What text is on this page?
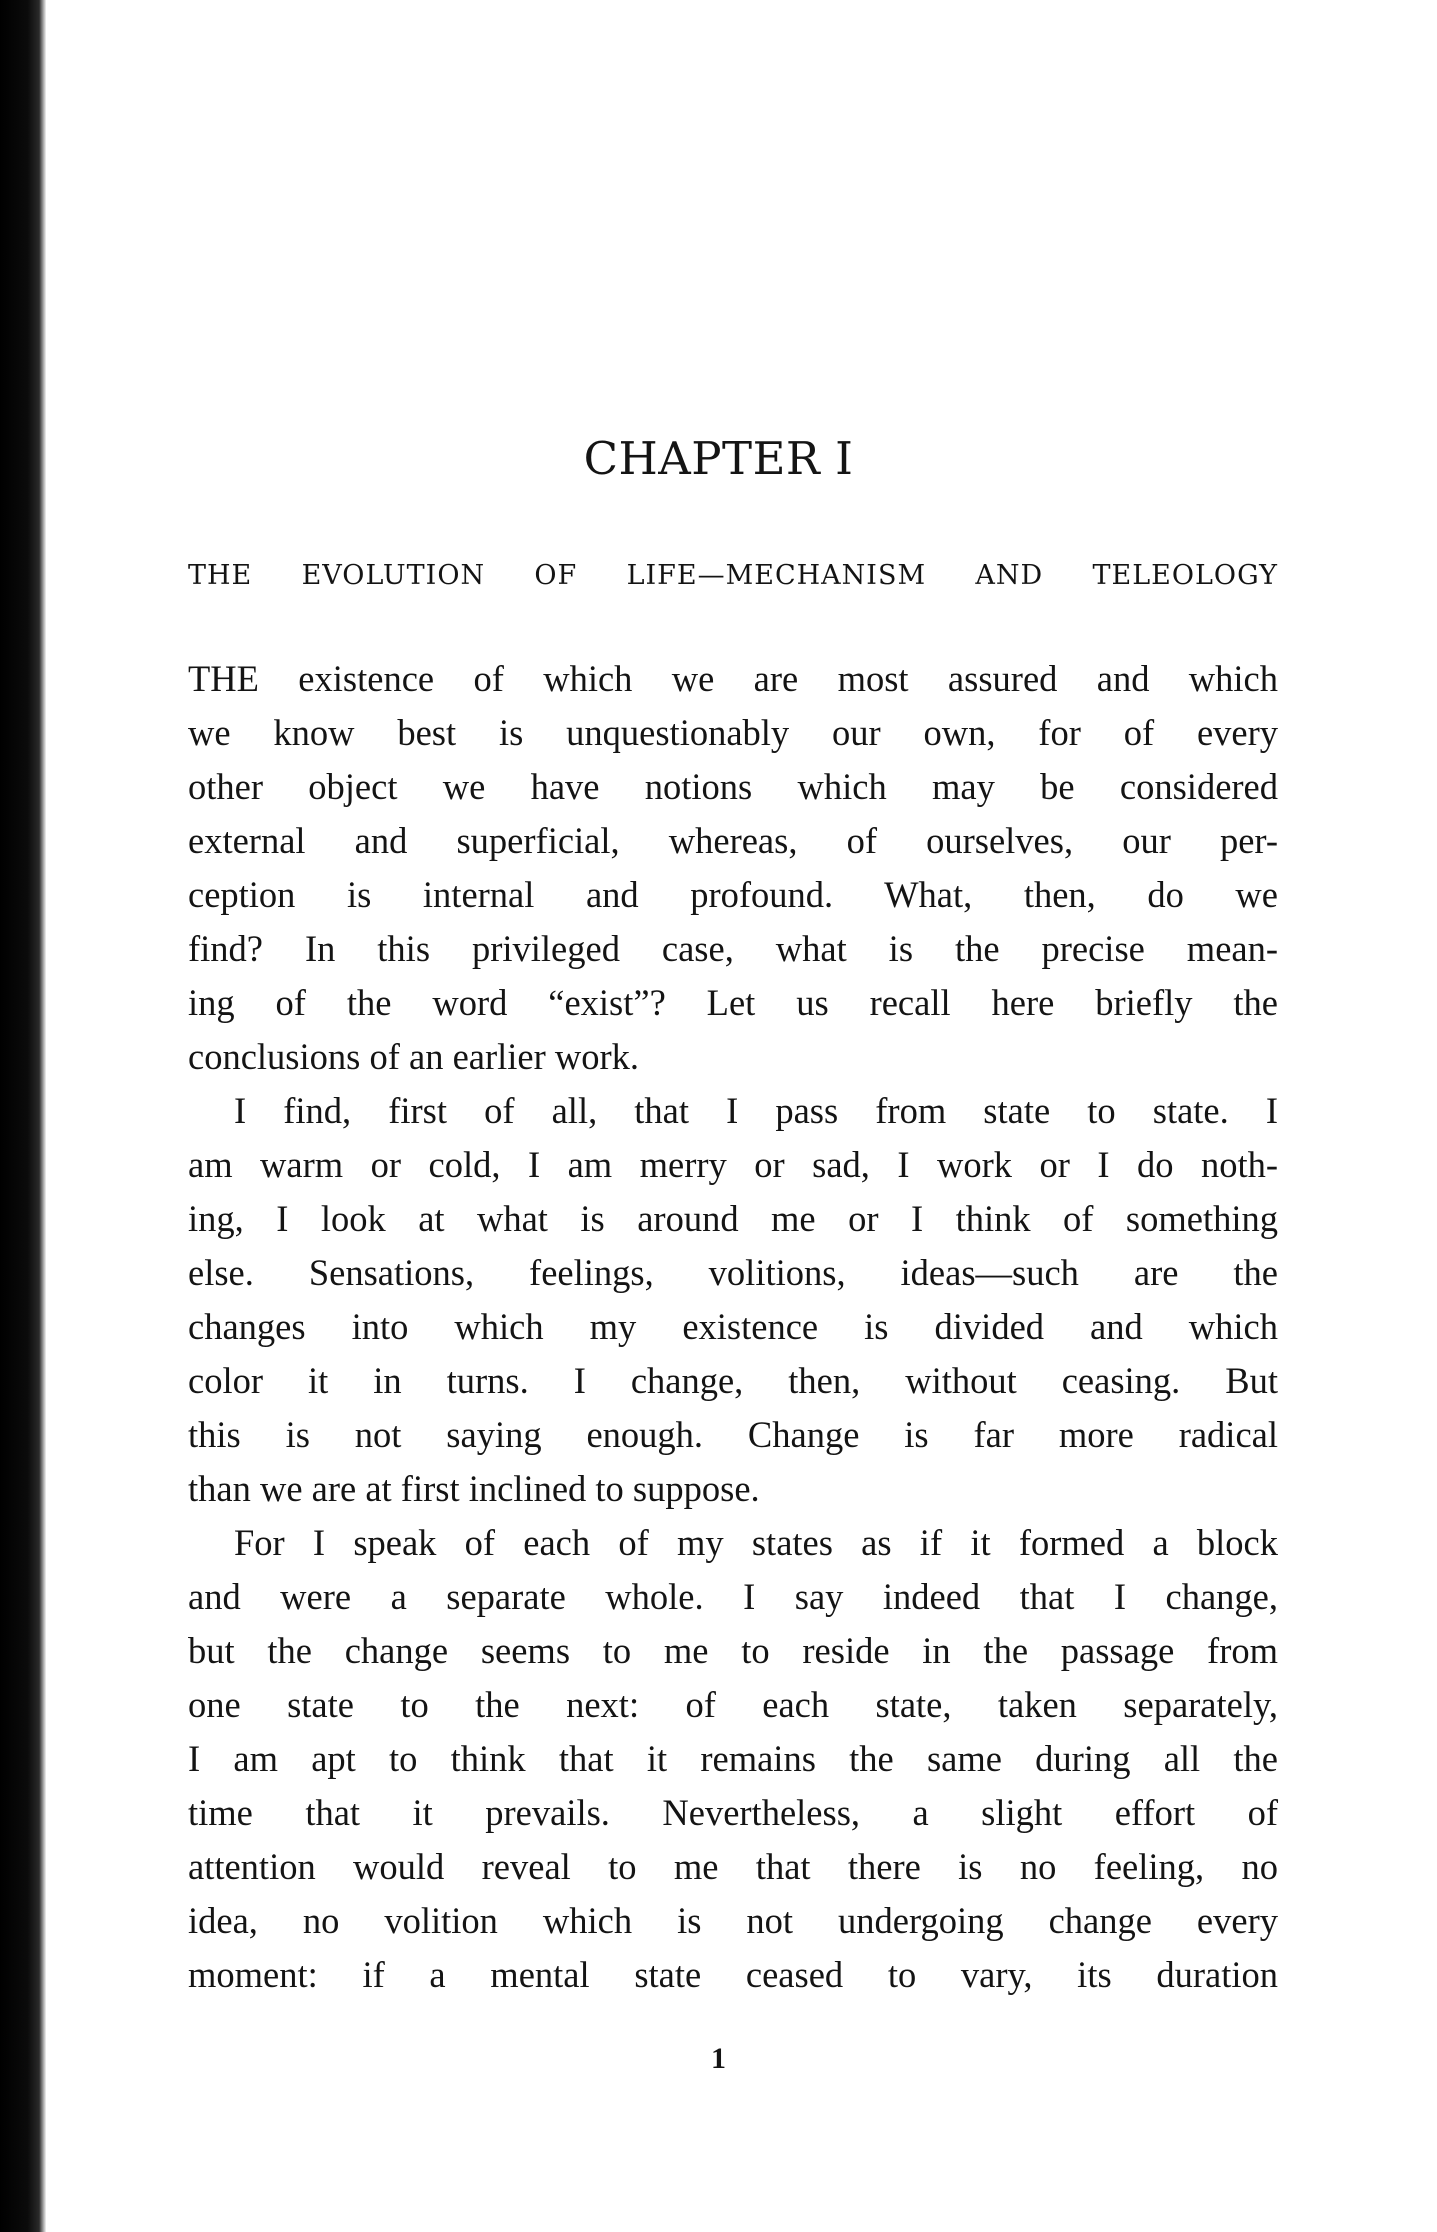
CHAPTER I
THE EVOLUTION OF LIFE—MECHANISM AND TELEOLOGY
THE existence of which we are most assured and which
we know best is unquestionably our own, for of every
other object we have notions which may be considered
external and superficial, whereas, of ourselves, our per-
ception is internal and profound. What, then, do we
find? In this privileged case, what is the precise mean-
ing of the word “exist”? Let us recall here briefly the
conclusions of an earlier work.
I find, first of all, that I pass from state to state. I
am warm or cold, I am merry or sad, I work or I do noth-
ing, I look at what is around me or I think of something
else. Sensations, feelings, volitions, ideas—such are the
changes into which my existence is divided and which
color it in turns. I change, then, without ceasing. But
this is not saying enough. Change is far more radical
than we are at first inclined to suppose.
For I speak of each of my states as if it formed a block
and were a separate whole. I say indeed that I change,
but the change seems to me to reside in the passage from
one state to the next: of each state, taken separately,
I am apt to think that it remains the same during all the
time that it prevails. Nevertheless, a slight effort of
attention would reveal to me that there is no feeling, no
idea, no volition which is not undergoing change every
moment: if a mental state ceased to vary, its duration
1
